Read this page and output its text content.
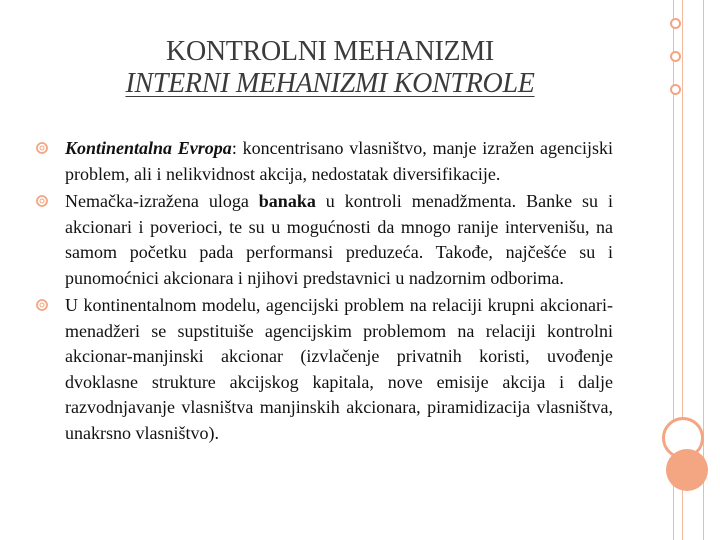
KONTROLNI MEHANIZMI
INTERNI MEHANIZMI KONTROLE
Kontinentalna Evropa: koncentrisano vlasništvo, manje izražen agencijski problem, ali i nelikvidnost akcija, nedostatak diversifikacije.
Nemačka-izražena uloga banaka u kontroli menadžmenta. Banke su i akcionari i poverioci, te su u mogućnosti da mnogo ranije intervenišu, na samom početku pada performansi preduzeća. Takođe, najčešće su i punomoćnici akcionara i njihovi predstavnici u nadzornim odborima.
U kontinentalnom modelu, agencijski problem na relaciji krupni akcionari-menadžeri se supstituiše agencijskim problemom na relaciji kontrolni akcionar-manjinski akcionar (izvlačenje privatnih koristi, uvođenje dvoklasne strukture akcijskog kapitala, nove emisije akcija i dalje razvodnjavanje vlasništva manjinskih akcionara, piramidizacija vlasništva, unakrsno vlasništvo).
